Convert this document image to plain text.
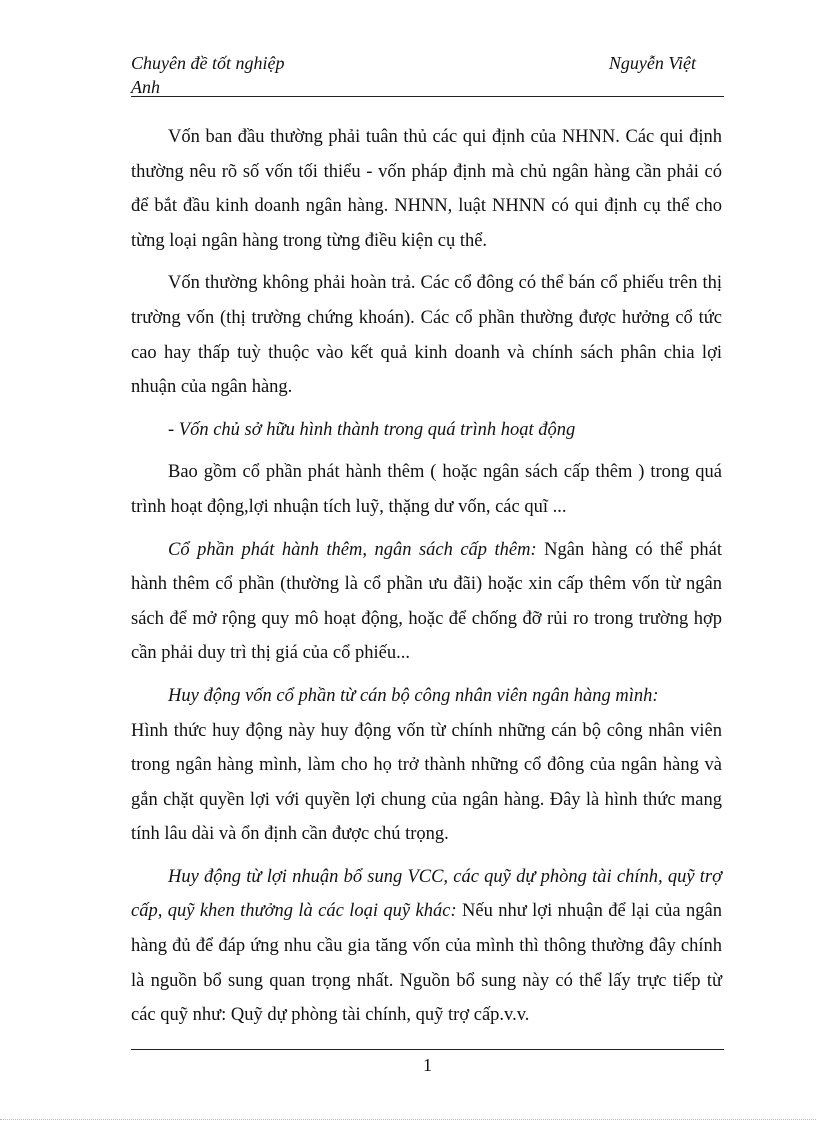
Chuyên đề tốt nghiệp
Anh
Nguyễn Việt

Vốn ban đầu thường phải tuân thủ các qui định của NHNN. Các qui định thường nêu rõ số vốn tối thiểu - vốn pháp định mà chủ ngân hàng cần phải có để bắt đầu kinh doanh ngân hàng. NHNN, luật NHNN có qui định cụ thể cho từng loại ngân hàng trong từng điều kiện cụ thể.

Vốn thường không phải hoàn trả. Các cổ đông có thể bán cổ phiếu trên thị trường vốn (thị trường chứng khoán). Các cổ phần thường được hưởng cổ tức cao hay thấp tuỳ thuộc vào kết quả kinh doanh và chính sách phân chia lợi nhuận của ngân hàng.

- Vốn chủ sở hữu hình thành trong quá trình hoạt động

Bao gồm cổ phần phát hành thêm ( hoặc ngân sách cấp thêm ) trong quá trình hoạt động,lợi nhuận tích luỹ, thặng dư vốn, các quĩ ...

Cổ phần phát hành thêm, ngân sách cấp thêm: Ngân hàng có thể phát hành thêm cổ phần (thường là cổ phần ưu đãi) hoặc xin cấp thêm vốn từ ngân sách để mở rộng quy mô hoạt động, hoặc để chống đỡ rủi ro trong trường hợp cần phải duy trì thị giá của cổ phiếu...

Huy động vốn cổ phần từ cán bộ công nhân viên ngân hàng mình:

Hình thức huy động này huy động vốn từ chính những cán bộ công nhân viên trong ngân hàng mình, làm cho họ trở thành những cổ đông của ngân hàng và gắn chặt quyền lợi với quyền lợi chung của ngân hàng. Đây là hình thức mang tính lâu dài và ổn định cần được chú trọng.

Huy động từ lợi nhuận bổ sung VCC, các quỹ dự phòng tài chính, quỹ trợ cấp, quỹ khen thưởng là các loại quỹ khác: Nếu như lợi nhuận để lại của ngân hàng đủ để đáp ứng nhu cầu gia tăng vốn của mình thì thông thường đây chính là nguồn bổ sung quan trọng nhất. Nguồn bổ sung này có thể lấy trực tiếp từ các quỹ như: Quỹ dự phòng tài chính, quỹ trợ cấp.v.v.

1
